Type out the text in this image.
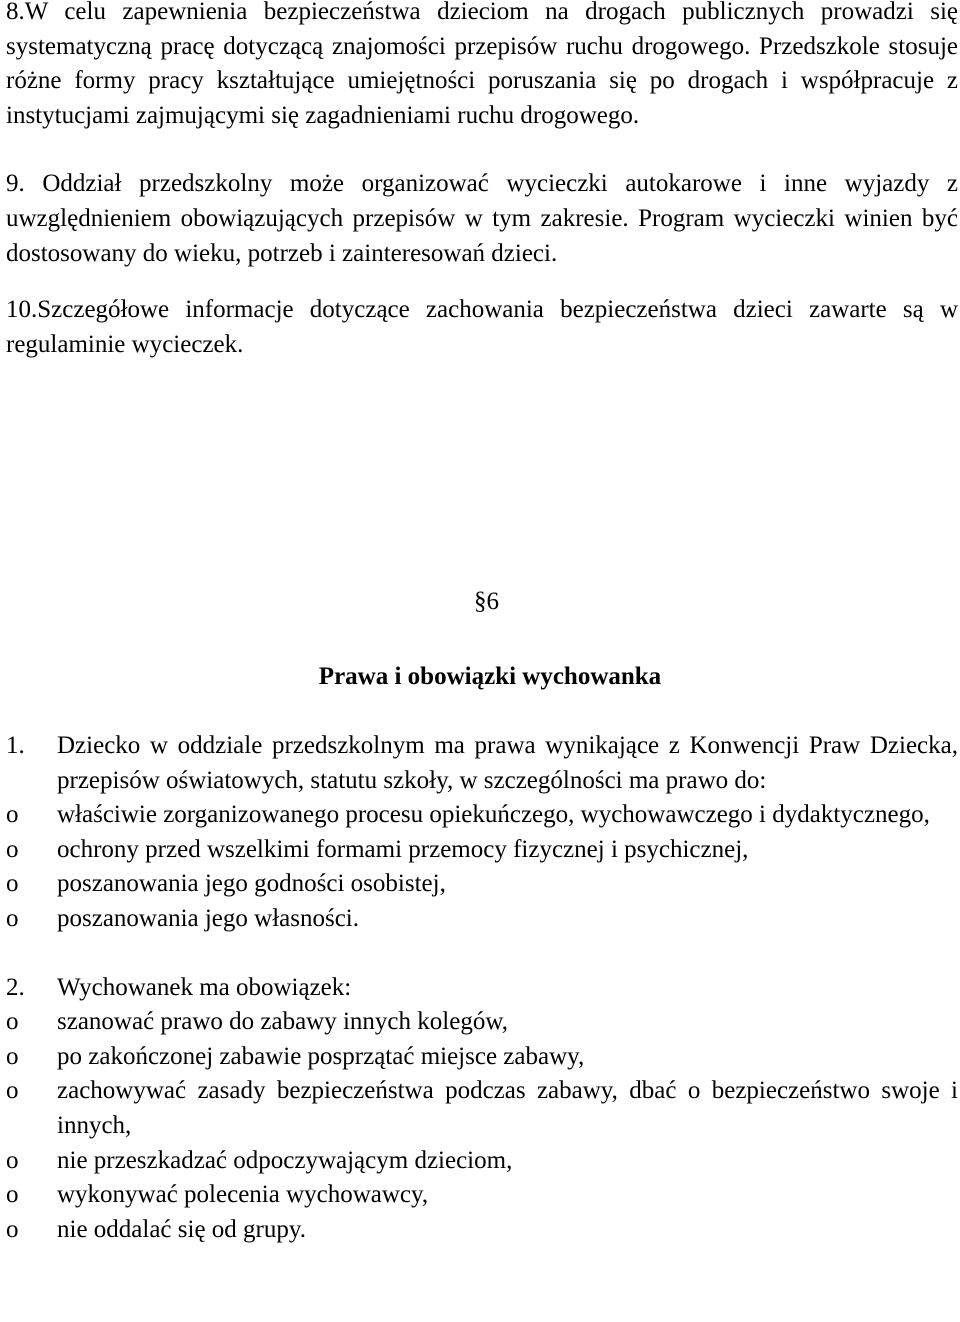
8.W celu zapewnienia bezpieczeństwa dzieciom na drogach publicznych prowadzi się systematyczną pracę dotyczącą znajomości przepisów ruchu drogowego. Przedszkole stosuje różne formy pracy kształtujące umiejętności poruszania się po drogach i współpracuje z instytucjami zajmującymi się zagadnieniami ruchu drogowego.

9. Oddział przedszkolny może organizować wycieczki autokarowe i inne wyjazdy z uwzględnieniem obowiązujących przepisów w tym zakresie. Program wycieczki winien być dostosowany do wieku, potrzeb i zainteresowań dzieci.

10.Szczegółowe informacje dotyczące zachowania bezpieczeństwa dzieci zawarte są w regulaminie wycieczek.

§6
Prawa i obowiązki wychowanka
1.	Dziecko w oddziale przedszkolnym ma prawa wynikające z Konwencji Praw Dziecka, przepisów oświatowych, statutu szkoły, w szczególności ma prawo do:
o	właściwie zorganizowanego procesu opiekuńczego, wychowawczego i dydaktycznego,
o	ochrony przed wszelkimi formami przemocy fizycznej i psychicznej,
o	poszanowania jego godności osobistej,
o	poszanowania jego własności.
2.	Wychowanek ma obowiązek:
o	szanować prawo do zabawy innych kolegów,
o	po zakończonej zabawie posprzątać miejsce zabawy,
o	zachowywać zasady bezpieczeństwa podczas zabawy, dbać o bezpieczeństwo swoje i innych,
o	nie przeszkadzać odpoczywającym dzieciom,
o	wykonywać polecenia wychowawcy,
o	nie oddalać się od grupy.
